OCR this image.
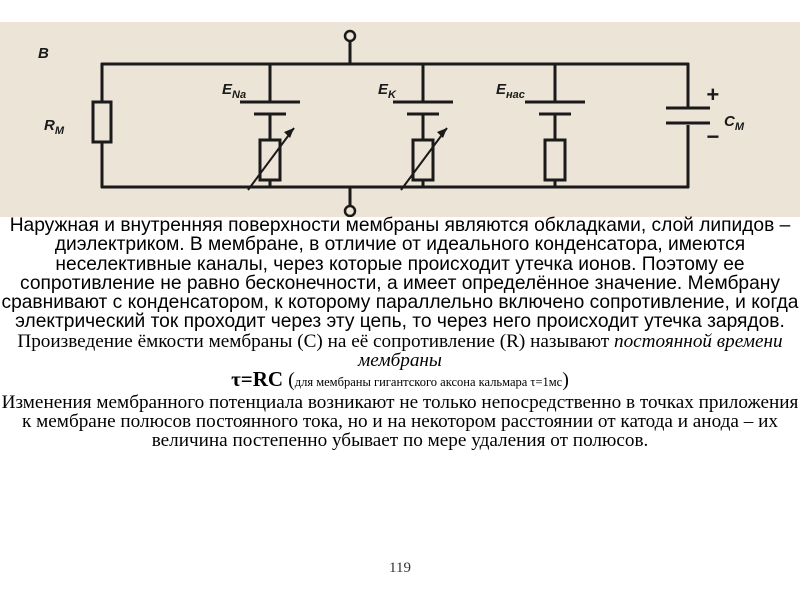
B
$R_M$
$E_{Na}$	$E_K$	$E_{нac}$
$C_M$
+
−

Наружная и внутренняя поверхности мембраны являются обкладками, слой липидов – диэлектриком. В мембране, в отличие от идеального конденсатора, имеются неселективные каналы, через которые происходит утечка ионов. Поэтому ее сопротивление не равно бесконечности, а имеет определённое значение. Мембрану сравнивают с конденсатором, к которому параллельно включено сопротивление, и когда электрический ток проходит через эту цепь, то через него происходит утечка зарядов.

Произведение ёмкости мембраны (С) на её сопротивление (R) называют постоянной времени мембраны

τ=RC (для мембраны гигантского аксона кальмара τ=1мс)

Изменения мембранного потенциала возникают не только непосредственно в точках приложения к мембране полюсов постоянного тока, но и на некотором расстоянии от катода и анода – их величина постепенно убывает по мере удаления от полюсов.

119
